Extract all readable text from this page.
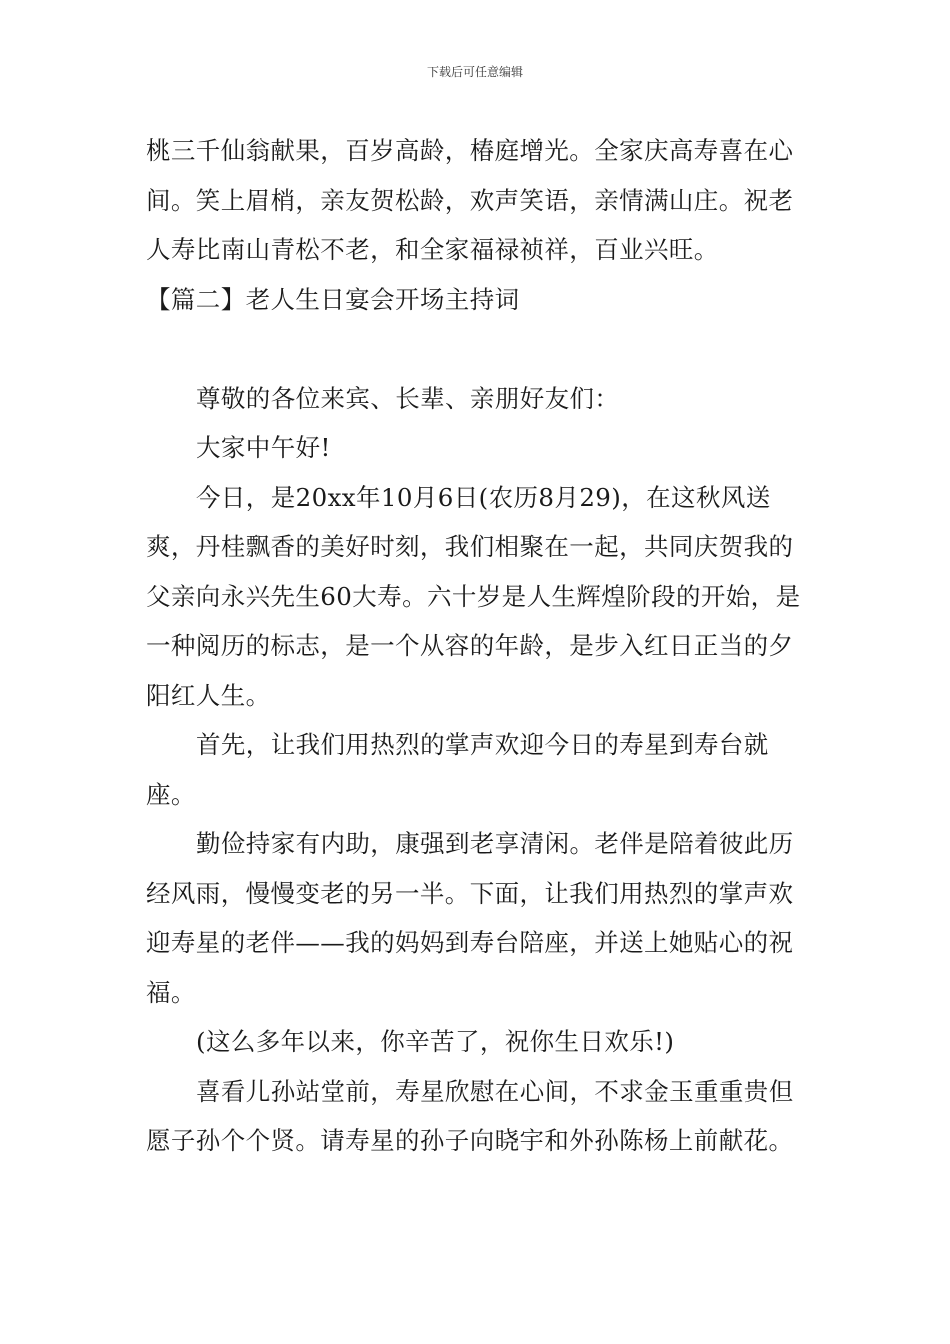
下载后可任意编辑

桃三千仙翁献果，百岁高龄，椿庭增光。全家庆高寿喜在心间。笑上眉梢，亲友贺松龄，欢声笑语，亲情满山庄。祝老人寿比南山青松不老，和全家福禄祯祥，百业兴旺。

【篇二】老人生日宴会开场主持词

尊敬的各位来宾、长辈、亲朋好友们：

大家中午好!

今日，是20xx年10月6日(农历8月29)，在这秋风送爽，丹桂飘香的美好时刻，我们相聚在一起，共同庆贺我的父亲向永兴先生60大寿。六十岁是人生辉煌阶段的开始，是一种阅历的标志，是一个从容的年龄，是步入红日正当的夕阳红人生。

首先，让我们用热烈的掌声欢迎今日的寿星到寿台就座。

勤俭持家有内助，康强到老享清闲。老伴是陪着彼此历经风雨，慢慢变老的另一半。下面，让我们用热烈的掌声欢迎寿星的老伴——我的妈妈到寿台陪座，并送上她贴心的祝福。

(这么多年以来，你辛苦了，祝你生日欢乐!)

喜看儿孙站堂前，寿星欣慰在心间，不求金玉重重贵但愿子孙个个贤。请寿星的孙子向晓宇和外孙陈杨上前献花。
